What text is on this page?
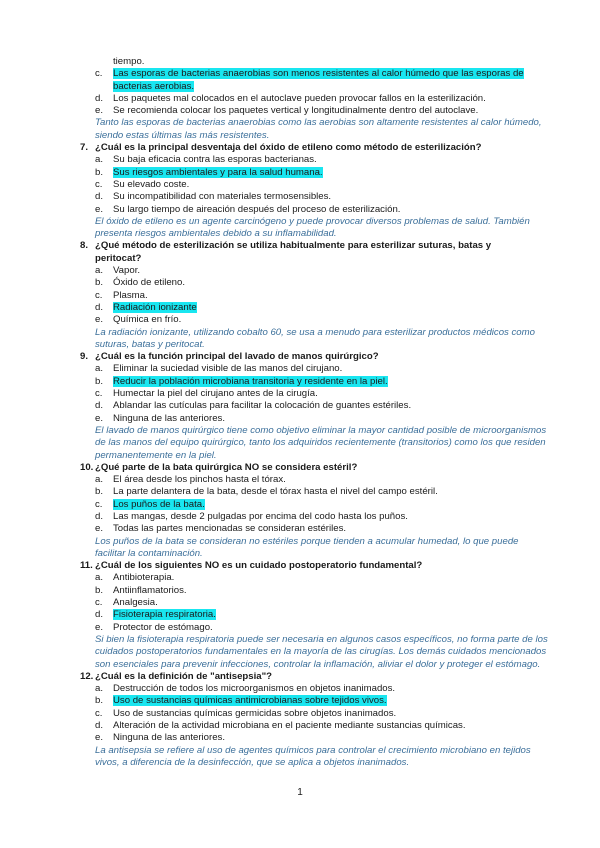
tiempo.
c. Las esporas de bacterias anaerobias son menos resistentes al calor húmedo que las esporas de
bacterias aerobias.
d. Los paquetes mal colocados en el autoclave pueden provocar fallos en la esterilización.
e. Se recomienda colocar los paquetes vertical y longitudinalmente dentro del autoclave.
Tanto las esporas de bacterias anaerobias como las aerobias son altamente resistentes al calor húmedo,
siendo estas últimas las más resistentes.
7. ¿Cuál es la principal desventaja del óxido de etileno como método de esterilización?
a. Su baja eficacia contra las esporas bacterianas.
b. Sus riesgos ambientales y para la salud humana.
c. Su elevado coste.
d. Su incompatibilidad con materiales termosensibles.
e. Su largo tiempo de aireación después del proceso de esterilización.
El óxido de etileno es un agente carcinógeno y puede provocar diversos problemas de salud. También
presenta riesgos ambientales debido a su inflamabilidad.
8. ¿Qué método de esterilización se utiliza habitualmente para esterilizar suturas, batas y
peritocat?
a. Vapor.
b. Óxido de etileno.
c. Plasma.
d. Radiación ionizante
e. Química en frío.
La radiación ionizante, utilizando cobalto 60, se usa a menudo para esterilizar productos médicos como
suturas, batas y peritocat.
9. ¿Cuál es la función principal del lavado de manos quirúrgico?
a. Eliminar la suciedad visible de las manos del cirujano.
b. Reducir la población microbiana transitoria y residente en la piel.
c. Humectar la piel del cirujano antes de la cirugía.
d. Ablandar las cutículas para facilitar la colocación de guantes estériles.
e. Ninguna de las anteriores.
El lavado de manos quirúrgico tiene como objetivo eliminar la mayor cantidad posible de microorganismos
de las manos del equipo quirúrgico, tanto los adquiridos recientemente (transitorios) como los que residen
permanentemente en la piel.
10. ¿Qué parte de la bata quirúrgica NO se considera estéril?
a. El área desde los pinchos hasta el tórax.
b. La parte delantera de la bata, desde el tórax hasta el nivel del campo estéril.
c. Los puños de la bata.
d. Las mangas, desde 2 pulgadas por encima del codo hasta los puños.
e. Todas las partes mencionadas se consideran estériles.
Los puños de la bata se consideran no estériles porque tienden a acumular humedad, lo que puede
facilitar la contaminación.
11. ¿Cuál de los siguientes NO es un cuidado postoperatorio fundamental?
a. Antibioterapia.
b. Antiinflamatorios.
c. Analgesia.
d. Fisioterapia respiratoria.
e. Protector de estómago.
Si bien la fisioterapia respiratoria puede ser necesaria en algunos casos específicos, no forma parte de los
cuidados postoperatorios fundamentales en la mayoría de las cirugías. Los demás cuidados mencionados
son esenciales para prevenir infecciones, controlar la inflamación, aliviar el dolor y proteger el estómago.
12. ¿Cuál es la definición de "antisepsia"?
a. Destrucción de todos los microorganismos en objetos inanimados.
b. Uso de sustancias químicas antimicrobianas sobre tejidos vivos.
c. Uso de sustancias químicas germicidas sobre objetos inanimados.
d. Alteración de la actividad microbiana en el paciente mediante sustancias químicas.
e. Ninguna de las anteriores.
La antisepsia se refiere al uso de agentes químicos para controlar el crecimiento microbiano en tejidos
vivos, a diferencia de la desinfección, que se aplica a objetos inanimados.
1
